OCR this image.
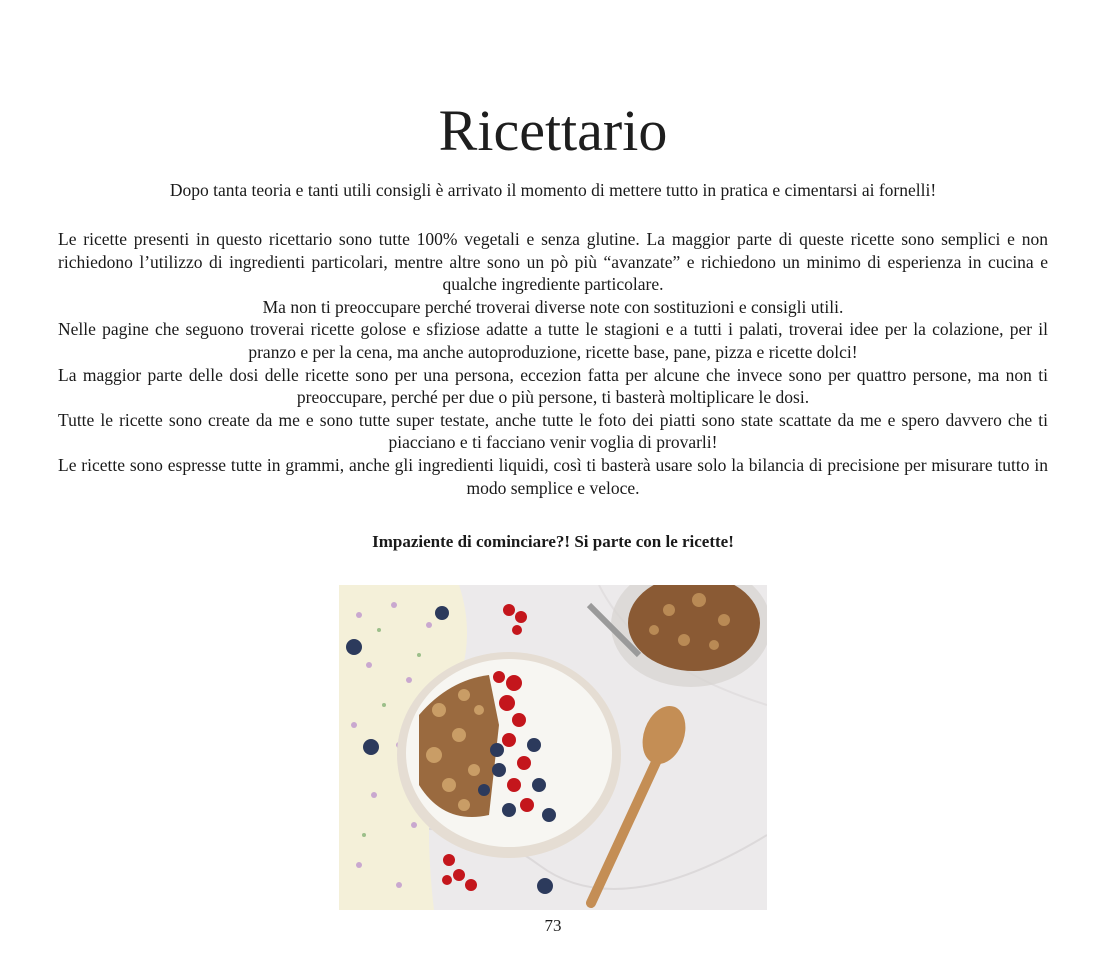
Ricettario

Dopo tanta teoria e tanti utili consigli è arrivato il momento di mettere tutto in pratica e cimentarsi ai fornelli!

Le ricette presenti in questo ricettario sono tutte 100% vegetali e senza glutine. La maggior parte di queste ricette sono semplici e non richiedono l’utilizzo di ingredienti particolari, mentre altre sono un pò più “avanzate” e richiedono un minimo di esperienza in cucina e qualche ingrediente particolare.

Ma non ti preoccupare perché troverai diverse note con sostituzioni e consigli utili.

Nelle pagine che seguono troverai ricette golose e sfiziose adatte a tutte le stagioni e a tutti i palati, troverai idee per la colazione, per il pranzo e per la cena, ma anche autoproduzione, ricette base, pane, pizza e ricette dolci!

La maggior parte delle dosi delle ricette sono per una persona, eccezion fatta per alcune che invece sono per quattro persone, ma non ti preoccupare, perché per due o più persone, ti basterà moltiplicare le dosi.

Tutte le ricette sono create da me e sono tutte super testate, anche tutte le foto dei piatti sono state scattate da me e spero davvero che ti piacciano e ti facciano venir voglia di provarli!

Le ricette sono espresse tutte in grammi, anche gli ingredienti liquidi, così ti basterà usare solo la bilancia di precisione per misurare tutto in modo semplice e veloce.

Impaziente di cominciare?! Si parte con le ricette!

73
